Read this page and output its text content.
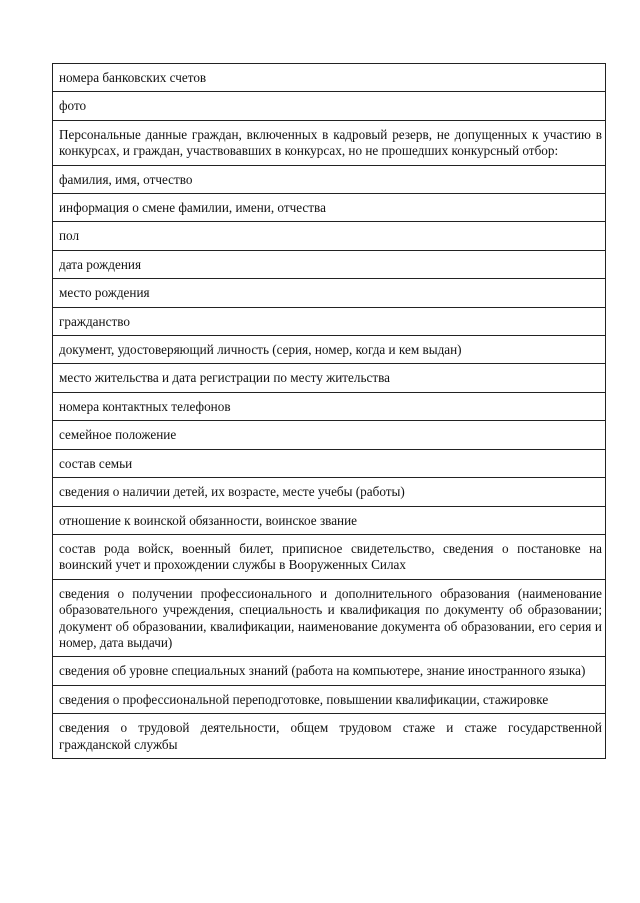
номера банковских счетов
фото
Персональные данные граждан, включенных в кадровый резерв, не допущенных к участию в конкурсах, и граждан, участвовавших в конкурсах, но не прошедших конкурсный отбор:
фамилия, имя, отчество
информация о смене фамилии, имени, отчества
пол
дата рождения
место рождения
гражданство
документ, удостоверяющий личность (серия, номер, когда и кем выдан)
место жительства и дата регистрации по месту жительства
номера контактных телефонов
семейное положение
состав семьи
сведения о наличии детей, их возрасте, месте учебы (работы)
отношение к воинской обязанности, воинское звание
состав рода войск, военный билет, приписное свидетельство, сведения о постановке на воинский учет и прохождении службы в Вооруженных Силах
сведения о получении профессионального и дополнительного образования (наименование образовательного учреждения, специальность и квалификация по документу об образовании; документ об образовании, квалификации, наименование документа об образовании, его серия и номер, дата выдачи)
сведения об уровне специальных знаний (работа на компьютере, знание иностранного языка)
сведения о профессиональной переподготовке, повышении квалификации, стажировке
сведения о трудовой деятельности, общем трудовом стаже и стаже государственной гражданской службы
